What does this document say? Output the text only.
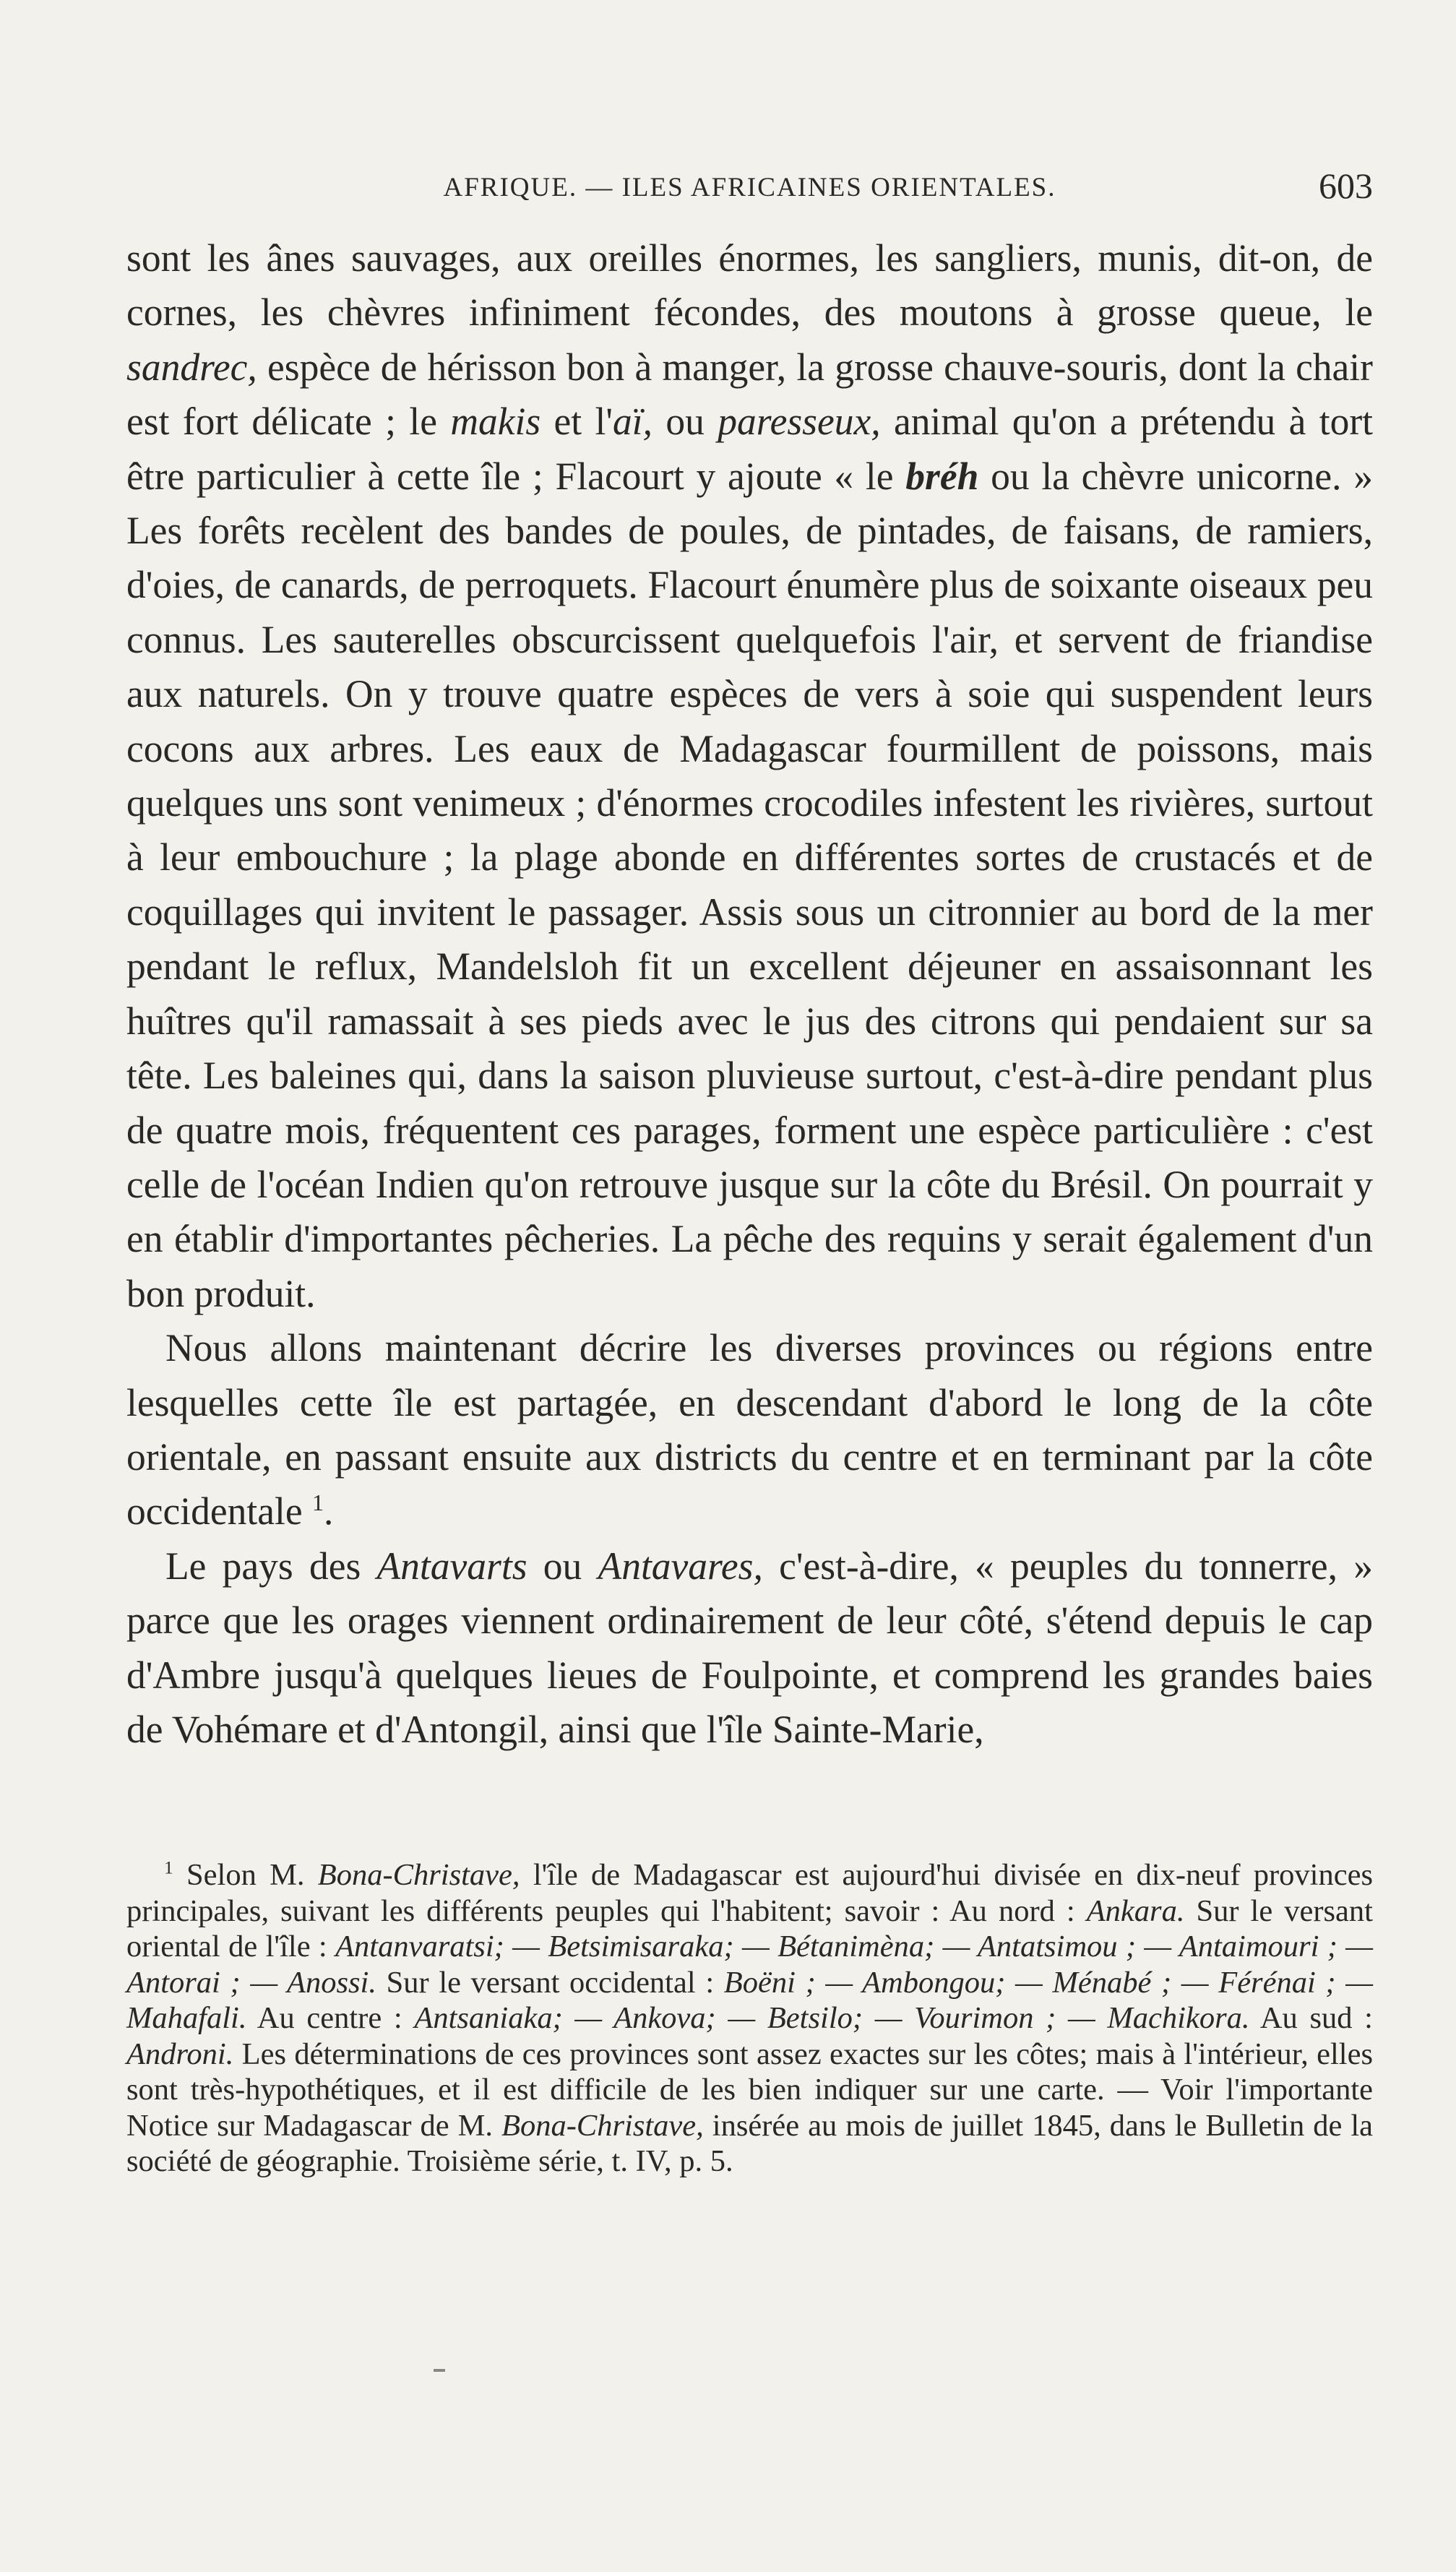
AFRIQUE. — ILES AFRICAINES ORIENTALES.	603

sont les ânes sauvages, aux oreilles énormes, les sangliers, munis, dit-on, de cornes, les chèvres infiniment fécondes, des moutons à grosse queue, le sandrec, espèce de hérisson bon à manger, la grosse chauve-souris, dont la chair est fort délicate ; le makis et l'aï, ou paresseux, animal qu'on a prétendu à tort être particulier à cette île ; Flacourt y ajoute « le bréh ou la chèvre unicorne. » Les forêts recèlent des bandes de poules, de pintades, de faisans, de ramiers, d'oies, de canards, de perroquets. Flacourt énumère plus de soixante oiseaux peu connus. Les sauterelles obscurcissent quelquefois l'air, et servent de friandise aux naturels. On y trouve quatre espèces de vers à soie qui suspendent leurs cocons aux arbres. Les eaux de Madagascar fourmillent de poissons, mais quelques uns sont venimeux ; d'énormes crocodiles infestent les rivières, surtout à leur embouchure ; la plage abonde en différentes sortes de crustacés et de coquillages qui invitent le passager. Assis sous un citronnier au bord de la mer pendant le reflux, Mandelsloh fit un excellent déjeuner en assaisonnant les huîtres qu'il ramassait à ses pieds avec le jus des citrons qui pendaient sur sa tête. Les baleines qui, dans la saison pluvieuse surtout, c'est-à-dire pendant plus de quatre mois, fréquentent ces parages, forment une espèce particulière : c'est celle de l'océan Indien qu'on retrouve jusque sur la côte du Brésil. On pourrait y en établir d'importantes pêcheries. La pêche des requins y serait également d'un bon produit.

Nous allons maintenant décrire les diverses provinces ou régions entre lesquelles cette île est partagée, en descendant d'abord le long de la côte orientale, en passant ensuite aux districts du centre et en terminant par la côte occidentale $^1$.

Le pays des Antavarts ou Antavares, c'est-à-dire, « peuples du tonnerre, » parce que les orages viennent ordinairement de leur côté, s'étend depuis le cap d'Ambre jusqu'à quelques lieues de Foulpointe, et comprend les grandes baies de Vohémare et d'Antongil, ainsi que l'île Sainte-Marie,

$^1$ Selon M. Bona-Christave, l'île de Madagascar est aujourd'hui divisée en dix-neuf provinces principales, suivant les différents peuples qui l'habitent; savoir : Au nord : Ankara. Sur le versant oriental de l'île : Antanvaratsi; — Betsimisaraka; — Bétanimèna; — Antatsimou ; — Antaimouri ; — Antorai ; — Anossi. Sur le versant occidental : Boëni ; — Ambongou; — Ménabé ; — Férénai ; — Mahafali. Au centre : Antsaniaka; — Ankova; — Betsilo; — Vourimon ; — Machikora. Au sud : Androni. Les déterminations de ces provinces sont assez exactes sur les côtes; mais à l'intérieur, elles sont très-hypothétiques, et il est difficile de les bien indiquer sur une carte. — Voir l'importante Notice sur Madagascar de M. Bona-Christave, insérée au mois de juillet 1845, dans le Bulletin de la société de géographie. Troisième série, t. IV, p. 5.
